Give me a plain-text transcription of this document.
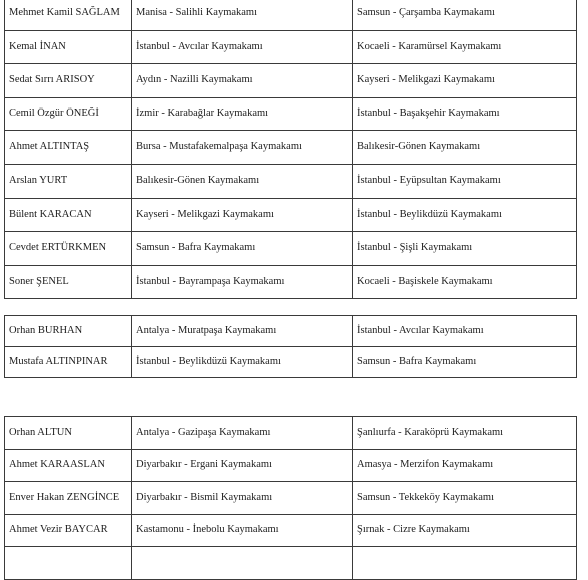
Mehmet Kamil SAĞLAM	Manisa - Salihli Kaymakamı	Samsun - Çarşamba Kaymakamı
Kemal İNAN	İstanbul - Avcılar Kaymakamı	Kocaeli - Karamürsel Kaymakamı
Sedat Sırrı ARISOY	Aydın - Nazilli Kaymakamı	Kayseri - Melikgazi Kaymakamı
Cemil Özgür ÖNEĞİ	İzmir - Karabağlar Kaymakamı	İstanbul - Başakşehir Kaymakamı
Ahmet ALTINTAŞ	Bursa - Mustafakemalpaşa Kaymakamı	Balıkesir-Gönen Kaymakamı
Arslan YURT	Balıkesir-Gönen Kaymakamı	İstanbul - Eyüpsultan Kaymakamı
Bülent KARACAN	Kayseri - Melikgazi Kaymakamı	İstanbul - Beylikdüzü Kaymakamı
Cevdet ERTÜRKMEN	Samsun - Bafra Kaymakamı	İstanbul - Şişli Kaymakamı
Soner ŞENEL	İstanbul - Bayrampaşa Kaymakamı	Kocaeli - Başiskele Kaymakamı
Orhan BURHAN	Antalya - Muratpaşa Kaymakamı	İstanbul - Avcılar Kaymakamı
Mustafa ALTINPINAR	İstanbul - Beylikdüzü Kaymakamı	Samsun - Bafra Kaymakamı
Orhan ALTUN	Antalya - Gazipaşa Kaymakamı	Şanlıurfa - Karaköprü Kaymakamı
Ahmet KARAASLAN	Diyarbakır - Ergani Kaymakamı	Amasya - Merzifon Kaymakamı
Enver Hakan ZENGİNCE	Diyarbakır - Bismil Kaymakamı	Samsun - Tekkeköy Kaymakamı
Ahmet Vezir BAYCAR	Kastamonu - İnebolu Kaymakamı	Şırnak - Cizre Kaymakamı
